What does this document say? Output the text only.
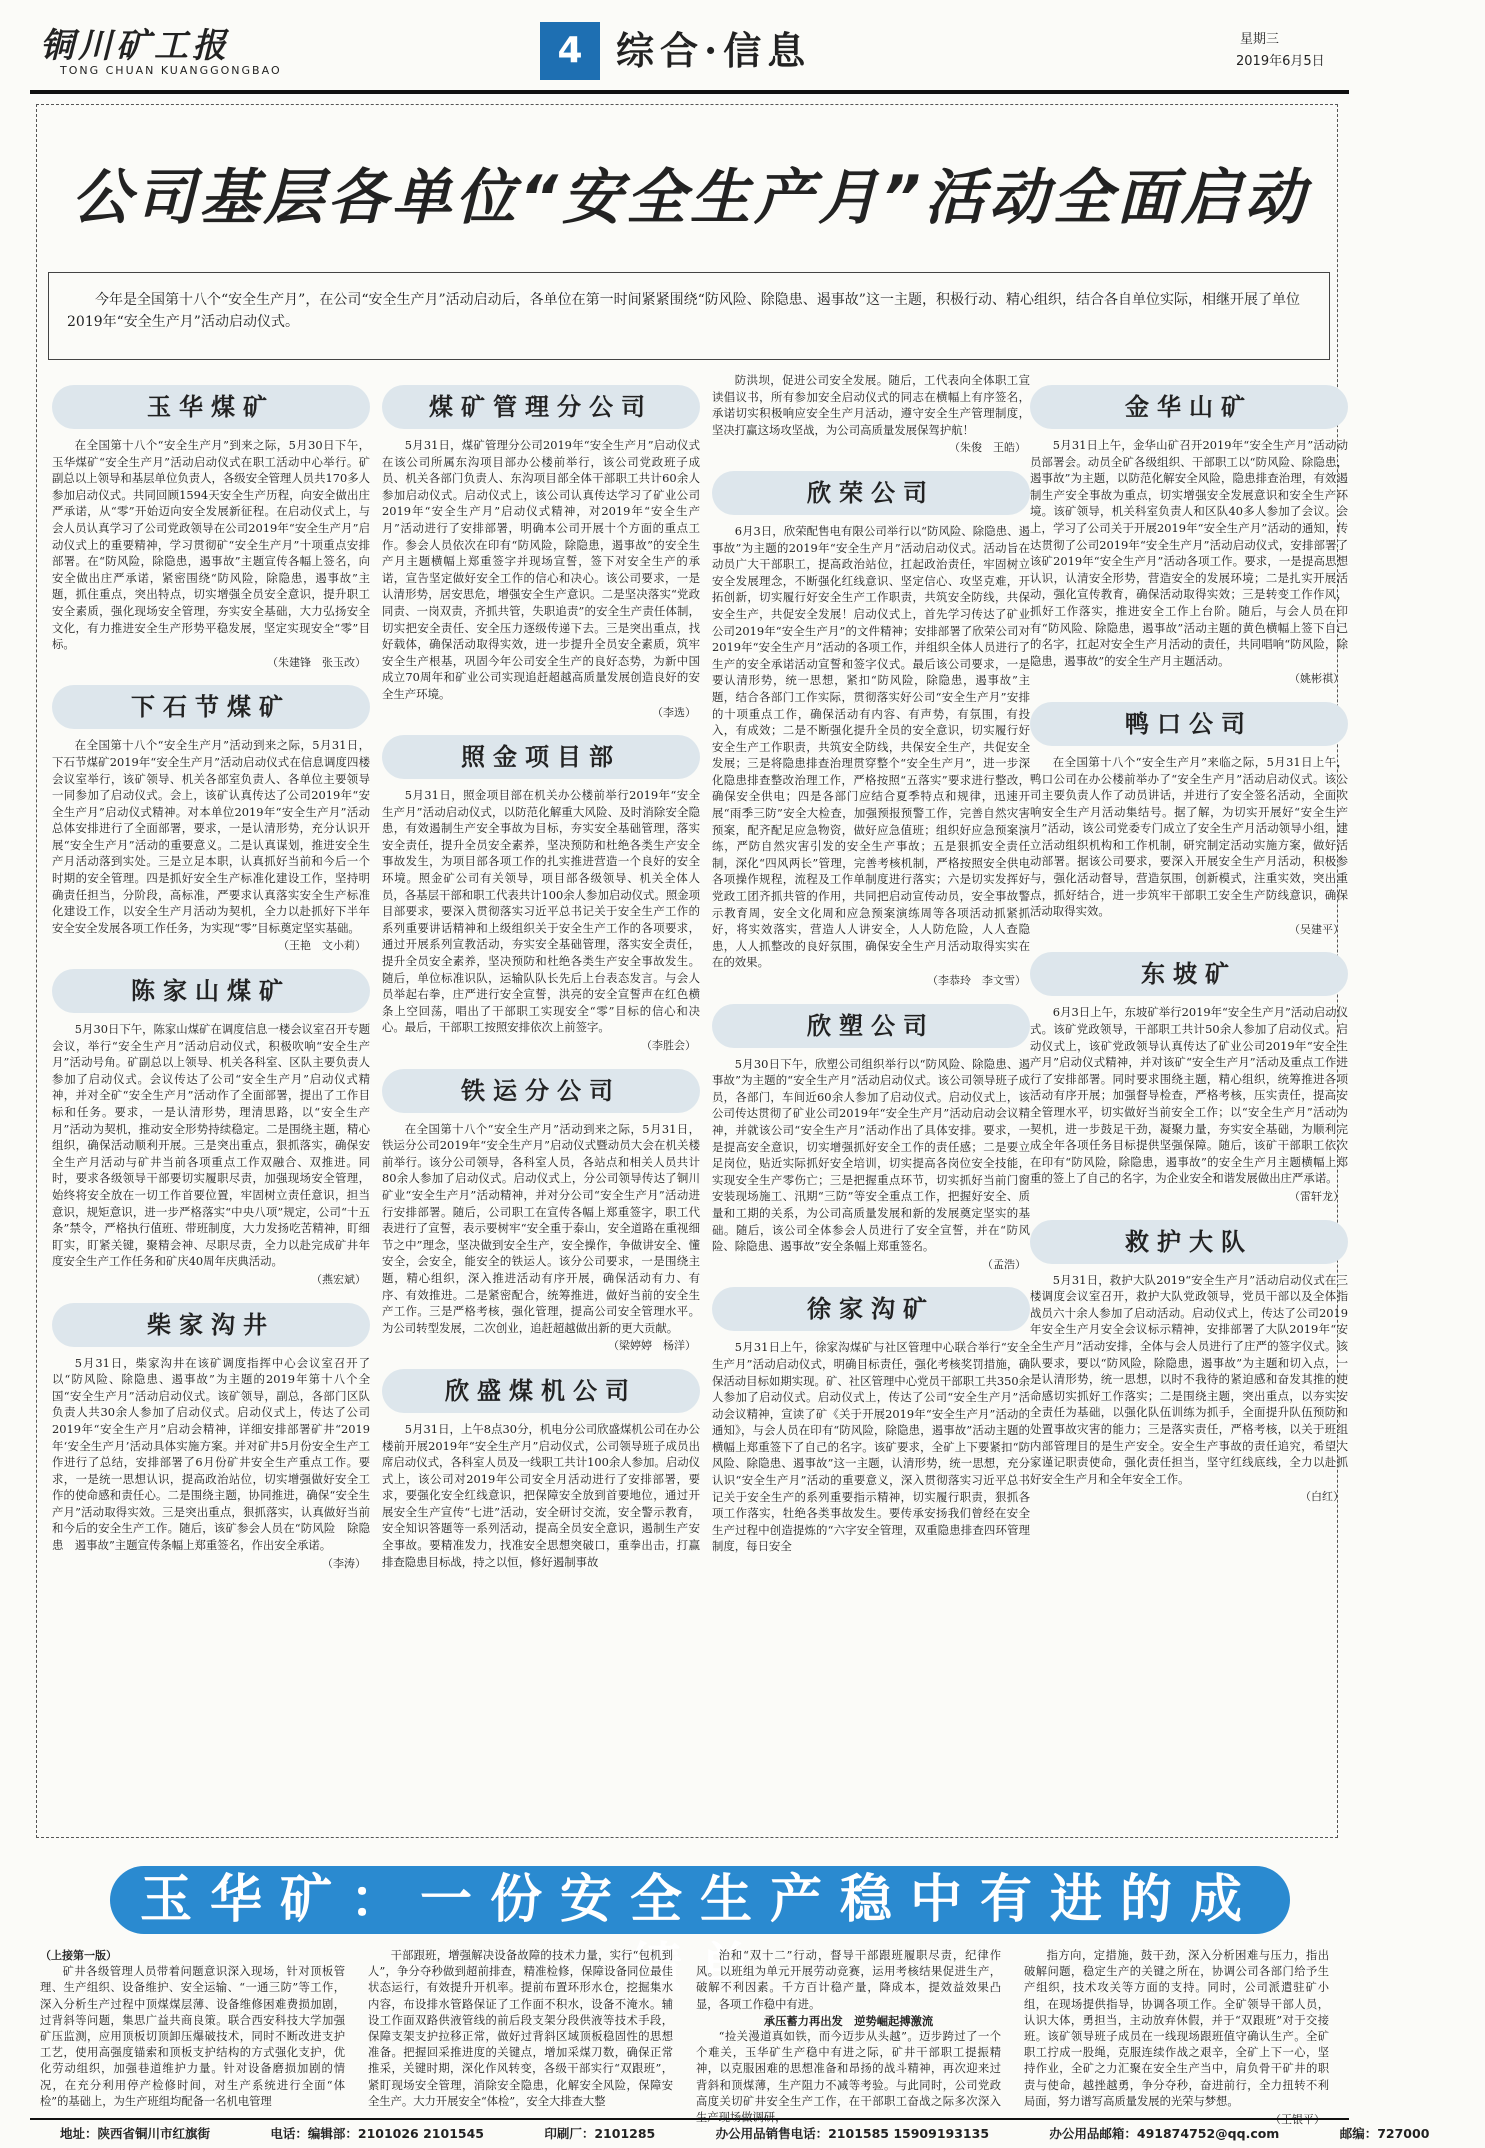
铜川矿工报
TONG CHUAN KUANGGONGBAO	4 综合·信息	星期三
2019年6月5日
公司基层各单位“安全生产月”活动全面启动
今年是全国第十八个“安全生产月”，在公司“安全生产月”活动启动后，各单位在第一时间紧紧围绕“防风险、除隐患、遏事故”这一主题，积极行动、精心组织，结合各自单位实际，相继开展了单位2019年“安全生产月”活动启动仪式。
玉华煤矿

在全国第十八个“安全生产月”到来之际，5月30日下午，玉华煤矿“安全生产月”活动启动仪式在职工活动中心举行。矿副总以上领导和基层单位负责人，各级安全管理人员共170多人参加启动仪式。共同回顾1594天安全生产历程，向安全做出庄严承诺，从“零”开始迈向安全发展新征程。在启动仪式上，与会人员认真学习了公司党政领导在公司2019年“安全生产月”启动仪式上的重要精神，学习贯彻矿“安全生产月”十项重点安排部署。在“防风险，除隐患，遏事故”主题宣传各幅上签名，向安全做出庄严承诺，紧密围绕“防风险，除隐患，遏事故”主题，抓住重点，突出特点，切实增强全员安全意识，提升职工安全素质，强化现场安全管理，夯实安全基础，大力弘扬安全文化，有力推进安全生产形势平稳发展，坚定实现安全“零”目标。

（朱建锋　张玉改）
下石节煤矿

在全国第十八个“安全生产月”活动到来之际，5月31日，下石节煤矿2019年“安全生产月”活动启动仪式在信息调度四楼会议室举行，该矿领导、机关各部室负责人、各单位主要领导一同参加了启动仪式。会上，该矿认真传达了公司2019年“安全生产月”启动仪式精神。对本单位2019年“安全生产月”活动总体安排进行了全面部署，要求，一是认清形势，充分认识开展“安全生产月”活动的重要意义。二是认真谋划，推进安全生产月活动落到实处。三是立足本职，认真抓好当前和今后一个时期的安全管理。四是抓好安全生产标准化建设工作，坚持明确责任担当，分阶段，高标准，严要求认真落实安全生产标准化建设工作，以安全生产月活动为契机，全力以赴抓好下半年安全安全发展各项工作任务，为实现“零”目标奠定坚实基础。

（王艳　文小莉）
陈家山煤矿

5月30日下午，陈家山煤矿在调度信息一楼会议室召开专题会议，举行“安全生产月”活动启动仪式，积极吹响“安全生产月”活动号角。矿副总以上领导、机关各科室、区队主要负责人参加了启动仪式。会议传达了公司“安全生产月”启动仪式精神，并对全矿“安全生产月”活动作了全面部署，提出了工作目标和任务。要求，一是认清形势，理清思路，以“安全生产月”活动为契机，推动安全形势持续稳定。二是围绕主题，精心组织，确保活动顺利开展。三是突出重点，狠抓落实，确保安全生产月活动与矿井当前各项重点工作双融合、双推进。同时，要求各级领导干部要切实履职尽责，加强现场安全管理，始终将安全放在一切工作首要位置，牢固树立责任意识，担当意识，规矩意识，进一步严格落实“中央八项”规定，公司“十五条”禁令，严格执行值班、带班制度，大力发扬吃苦精神，盯细盯实，盯紧关键，聚精会神、尽职尽责，全力以赴完成矿井年度安全生产工作任务和矿庆40周年庆典活动。

（燕宏斌）
柴家沟井

5月31日，柴家沟井在该矿调度指挥中心会议室召开了以“防风险、除隐患、遏事故”为主题的2019年第十八个全国“安全生产月”活动启动仪式。该矿领导，副总，各部门区队负责人共30余人参加了启动仪式。启动仪式上，传达了公司2019年“安全生产月”启动会精神，详细安排部署矿井“2019年‘安全生产月’活动具体实施方案。并对矿井5月份安全生产工作进行了总结，安排部署了6月份矿井安全生产重点工作。要求，一是统一思想认识，提高政治站位，切实增强做好安全工作的使命感和责任心。二是围绕主题，协同推进，确保“安全生产月”活动取得实效。三是突出重点，狠抓落实，认真做好当前和今后的安全生产工作。随后，该矿参会人员在“防风险　除隐患　遏事故”主题宣传条幅上郑重签名，作出安全承诺。

（李涛）
煤矿管理分公司

5月31日，煤矿管理分公司2019年“安全生产月”启动仪式在该公司所属东沟项目部办公楼前举行，该公司党政班子成员、机关各部门负责人、东沟项目部全体干部职工共计60余人参加启动仪式。启动仪式上，该公司认真传达学习了矿业公司2019年“安全生产月”启动仪式精神，对2019年“安全生产月”活动进行了安排部署，明确本公司开展十个方面的重点工作。参会人员依次在印有“防风险，除隐患，遏事故”的安全生产月主题横幅上郑重签字并现场宣誓，签下对安全生产的承诺，宣告坚定做好安全工作的信心和决心。该公司要求，一是认清形势，居安思危，增强安全生产意识。二是坚决落实“党政同责、一岗双责，齐抓共管，失职追责”的安全生产责任体制，切实把安全责任、安全压力逐级传递下去。三是突出重点，找好载体，确保活动取得实效，进一步提升全员安全素质，筑牢安全生产根基，巩固今年公司安全生产的良好态势，为新中国成立70周年和矿业公司实现追赶超越高质量发展创造良好的安全生产环境。

（李选）
照金项目部

5月31日，照金项目部在机关办公楼前举行2019年“安全生产月”活动启动仪式，以防范化解重大风险、及时消除安全隐患，有效遏制生产安全事故为目标，夯实安全基础管理，落实安全责任，提升全员安全素养，坚决预防和杜绝各类生产安全事故发生，为项目部各项工作的扎实推进营造一个良好的安全环境。照金矿公司有关领导，项目部各级领导、机关全体人员，各基层干部和职工代表共计100余人参加启动仪式。照金项目部要求，要深入贯彻落实习近平总书记关于安全生产工作的系列重要讲话精神和上级组织关于安全生产工作的各项要求，通过开展系列宣教活动，夯实安全基础管理，落实安全责任，提升全员安全素养，坚决预防和杜绝各类生产安全事故发生。随后，单位标准识队，运输队队长先后上台表态发言。与会人员举起右拳，庄严进行安全宣誓，洪亮的安全宣誓声在红色横条上空回荡，唱出了干部职工实现安全“零”目标的信心和决心。最后，干部职工按照安排依次上前签字。

（李胜会）
铁运分公司

在全国第十八个“安全生产月”活动到来之际，5月31日，铁运分公司2019年“安全生产月”启动仪式暨动员大会在机关楼前举行。该分公司领导，各科室人员，各站点和相关人员共计80余人参加了启动仪式。启动仪式上，分公司领导传达了铜川矿业“安全生产月”活动精神，并对分公司“安全生产月”活动进行安排部署。随后，公司职工在宣传各幅上郑重签字，职工代表进行了宣誓，表示要树牢“安全重于泰山，安全道路在重视细节之中”理念，坚决做到安全生产，安全操作，争做讲安全、懂安全，会安全，能安全的铁运人。该分公司要求，一是围绕主题，精心组织，深入推进活动有序开展，确保活动有力、有序、有效推进。二是紧密配合，统筹推进，做好当前的安全生产工作。三是严格考核，强化管理，提高公司安全管理水平。为公司转型发展，二次创业，追赶超越做出新的更大贡献。

（梁婷婷　杨洋）
欣盛煤机公司

5月31日，上午8点30分，机电分公司欣盛煤机公司在办公楼前开展2019年“安全生产月”启动仪式，公司领导班子成员出席启动仪式，各科室人员及一线职工共计100余人参加。启动仪式上，该公司对2019年公司安全月活动进行了安排部署，要求，要强化安全红线意识，把保障安全放到首要地位，通过开展安全生产宣传“七进”活动，安全研讨交流，安全警示教育，安全知识答题等一系列活动，提高全员安全意识，遏制生产安全事故。要精准发力，找准安全思想突破口，重拳出击，打赢排查隐患目标战，持之以恒，修好遏制事故

防洪坝，促进公司安全发展。随后，工代表向全体职工宣读倡议书，所有参加安全启动仪式的同志在横幅上有序签名，承诺切实积极响应安全生产月活动，遵守安全生产管理制度，坚决打赢这场攻坚战，为公司高质量发展保驾护航！

（朱俊　王皓）
欣荣公司

6月3日，欣荣配售电有限公司举行以“防风险、除隐患、遏事故”为主题的2019年“安全生产月”活动启动仪式。活动旨在动员广大干部职工，提高政治站位，扛起政治责任，牢固树立安全发展理念，不断强化红线意识、坚定信心、攻坚克难，开拓创新，切实履行好安全生产工作职责，共筑安全防线，共保安全生产，共促安全发展！启动仪式上，首先学习传达了矿业公司2019年“安全生产月”的文件精神；安排部署了欣荣公司对2019年“安全生产月”活动的各项工作，并组织全体人员进行了生产的安全承诺活动宣誓和签字仪式。最后该公司要求，一是要认清形势，统一思想，紧扣“防风险，除隐患，遏事故”主题，结合各部门工作实际，贯彻落实好公司“安全生产月”安排的十项重点工作，确保活动有内容、有声势，有氛围，有投入，有成效；二是不断强化提升全员的安全意识，切实履行好安全生产工作职责，共筑安全防线，共保安全生产，共促安全发展；三是将隐患排查治理贯穿整个“安全生产月”，进一步深化隐患排查整改治理工作，严格按照“五落实”要求进行整改，确保安全供电；四是各部门应结合夏季特点和规律，迅速开展“雨季三防”安全大检查，加强预报预警工作，完善自然灾害预案，配齐配足应急物资，做好应急值班；组织好应急预案演练，严防自然灾害引发的安全生产事故；五是狠抓安全责任制，深化“四风两长”管理，完善考核机制，严格按照安全供电各项操作规程，流程及工作单制度进行落实；六是切实发挥好党政工团齐抓共管的作用，共同把启动宣传动员，安全事故警示教育周，安全文化周和应急预案演练周等各项活动抓紧抓好，将实效落实，营造人人讲安全，人人防危险，人人查隐患，人人抓整改的良好氛围，确保安全生产月活动取得实实在在的效果。

（李恭玲　李文雪）
欣塑公司

5月30日下午，欣塑公司组织举行以“防风险、除隐患、遏事故”为主题的“安全生产月”活动启动仪式。该公司领导班子成员，各部门，车间近60余人参加了启动仪式。启动仪式上，该公司传达贯彻了矿业公司2019年“安全生产月”活动启动会议精神，并就该公司“安全生产月”活动作出了具体安排。要求，一是提高安全意识，切实增强抓好安全工作的责任感；二是要立足岗位，贴近实际抓好安全培训，切实提高各岗位安全技能，实现安全生产零伤亡；三是把握重点环节，切实抓好当前门窗安装现场施工、汛期“三防”等安全重点工作，把握好安全、质量和工期的关系，为公司高质量发展和新的发展奠定坚实的基础。随后，该公司全体参会人员进行了安全宣誓，并在“防风险、除隐患、遏事故”安全条幅上郑重签名。

（孟浩）
徐家沟矿

5月31日上午，徐家沟煤矿与社区管理中心联合举行“安全生产月”活动启动仪式，明确目标责任，强化考核奖罚措施，确保活动目标如期实现。矿、社区管理中心党员干部职工共350余人参加了启动仪式。启动仪式上，传达了公司“安全生产月”活动会议精神，宣读了矿《关于开展2019年“安全生产月”活动的通知》，与会人员在印有“防风险，除隐患，遏事故”活动主题的横幅上郑重签下了自己的名字。该矿要求，全矿上下要紧扣“防风险、除隐患、遏事故”这一主题，认清形势，统一思想，充分认识“安全生产月”活动的重要意义，深入贯彻落实习近平总书记关于安全生产的系列重要指示精神，切实履行职责，狠抓各项工作落实，牡绝各类事故发生。要传承安扬我们曾经在安全生产过程中创造提炼的“六字安全管理，双重隐患排查四环管理制度，每日安全

金华山矿

5月31日上午，金华山矿召开2019年“安全生产月”活动动员部署会。动员全矿各级组织、干部职工以“防风险、除隐患，遏事故”为主题，以防范化解安全风险，隐患排查治理，有效遏制生产安全事故为重点，切实增强安全发展意识和安全生产环境。该矿领导，机关科室负责人和区队40多人参加了会议。会上，学习了公司关于开展2019年“安全生产月”活动的通知，传达贯彻了公司2019年“安全生产月”活动启动仪式，安排部署了该矿2019年“安全生产月”活动各项工作。要求，一是提高思想认识，认清安全形势，营造安全的发展环境；二是扎实开展活动，强化宣传教育，确保活动取得实效；三是转变工作作风，抓好工作落实，推进安全工作上台阶。随后，与会人员在印有“防风险、除隐患，遏事故”活动主题的黄色横幅上签下自己的名字，扛起对安全生产月活动的责任，共同唱响“防风险，除隐患，遏事故”的安全生产月主题活动。

（姚彬祺）
鸭口公司

在全国第十八个“安全生产月”来临之际，5月31日上午，鸭口公司在办公楼前举办了“安全生产月”活动启动仪式。该公司主要负责人作了动员讲话，并进行了安全签名活动，全面吹响安全生产月活动集结号。据了解，为切实开展好“安全生产月”活动，该公司党委专门成立了安全生产月活动领导小组，建立活动组织机构和工作机制，研究制定活动实施方案，做好活动部署。据该公司要求，要深入开展安全生产月活动，积极参与，强化活动督导，营造氛围，创新模式，注重实效，突出重点，抓好结合，进一步筑牢干部职工安全生产防线意识，确保活动取得实效。

（吴建平）
东坡矿

6月3日上午，东坡矿举行2019年“安全生产月”活动启动仪式。该矿党政领导，干部职工共计50余人参加了启动仪式。启动仪式上，该矿党政领导认真传达了矿业公司2019年“安全生产月”启动仪式精神，并对该矿“安全生产月”活动及重点工作进行了安排部署。同时要求围绕主题，精心组织，统筹推进各项活动有序开展；加强督导检查，严格考核，压实责任，提高安全管理水平，切实做好当前安全工作；以“安全生产月”活动为契机，进一步鼓足干劲，凝聚力量，夯实安全基础，为顺利完成全年各项任务目标提供坚强保障。随后，该矿干部职工依次在印有“防风险，除隐患，遏事故”的安全生产月主题横幅上郑重的签上了自己的名字，为企业安全和谐发展做出庄严承诺。

（雷轩龙）
救护大队

5月31日，救护大队2019“安全生产月”活动启动仪式在三楼调度会议室召开，救护大队党政领导，党员干部以及全体指战员六十余人参加了启动活动。启动仪式上，传达了公司2019年安全生产月安全会议标示精神，安排部署了大队2019年“安全生产月”活动安排，全体与会人员进行了庄严的签字仪式。该队要求，要以“防风险，除隐患，遏事故”为主题和切入点，一是认清形势，统一思想，以时不我待的紧迫感和奋发其推的使命感切实抓好工作落实；二是围绕主题，突出重点，以夯实安全责任为基础，以强化队伍训练为抓手，全面提升队伍预防和处置事故灾害的能力；三是落实责任，严格考核，以关于班组内部管理目的是生产安全。安全生产事故的责任追究，希望大家谨记职责使命，强化责任担当，坚守红线底线，全力以赴抓好安全生产月和全年安全工作。

（白红）
玉华矿：一份安全生产稳中有进的成绩单
（上接第一版）

矿井各级管理人员带着问题意识深入现场，针对顶板管理、生产组织、设备维护、安全运输、“一通三防”等工作，深入分析生产过程中顶煤煤层薄、设备维修困难费损加剧，过背斜等问题，集思广益共商良策。联合西安科技大学加强矿压监测，应用顶板切顶卸压爆破技术，同时不断改进支护工艺，使用高强度锚索和顶板支护结构的方式强化支护，优化劳动组织，加强巷道维护力量。针对设备磨损加剧的情况，在充分利用停产检修时间，对生产系统进行全面“体检”的基础上，为生产班组均配备一名机电管理

干部跟班，增强解决设备故障的技术力量，实行“包机到人”，争分夺秒做到超前排查，精准检修，保障设备同位最佳状态运行，有效提升开机率。提前布置环形水仓，挖掘集水内容，布设排水管路保证了工作面不积水，设备不淹水。辅设工作面双路供液管线的前后段支架分段供液等技术手段，保障支架支护拉移正常，做好过背斜区域顶板稳固性的思想准备。把握回采推进度的关键点，增加采煤刀数，确保正常推采，关键时期，深化作风转变，各级干部实行“双跟班”，紧盯现场安全管理，消除安全隐患，化解安全风险，保障安全生产。大力开展安全“体检”，安全大排查大整

治和“双十二”行动，督导干部跟班履职尽责，纪律作风。以班组为单元开展劳动竞赛，运用考核结果促进生产，破解不利因素。千方百计稳产量，降成本，提效益效果凸显，各项工作稳中有进。

承压蓄力再出发　逆势崛起搏激流

“捡关漫道真如铁，而今迈步从头越”。迈步跨过了一个个难关，玉华矿生产稳中有进之际，矿井干部职工提振精神，以克服困难的思想准备和昂扬的战斗精神，再次迎来过背斜和顶煤薄，生产阻力不减等考验。与此同时，公司党政高度关切矿井安全生产工作，在干部职工奋战之际多次深入

指方向，定措施，鼓干劲，深入分析困难与压力，指出破解问题，稳定生产的关键之所在，协调公司各部门给予生产组织，技术攻关等方面的支持。同时，公司派遣驻矿小组，在现场提供指导，协调各项工作。全矿领导干部人员，认识大体，勇担当，主动放弃休假，并于“双跟班”对于交接班。该矿领导班子成员在一线现场跟班值守确认生产。全矿职工拧成一股绳，克服连续作战之艰辛，全矿上下一心，坚持作业，全矿之力汇聚在安全生产当中，肩负骨干矿井的职责与使命，越挫越勇，争分夺秒，奋进前行，全力扭转不利局面，努力谱写高质量发展的光荣与梦想。

地址：陕西省铜川市红旗街	电话：编辑部：2101026 2101545	印刷厂：2101285	办公用品销售电话：2101585 15909193135	办公用品邮箱：491874752@qq.com	邮编：727000
